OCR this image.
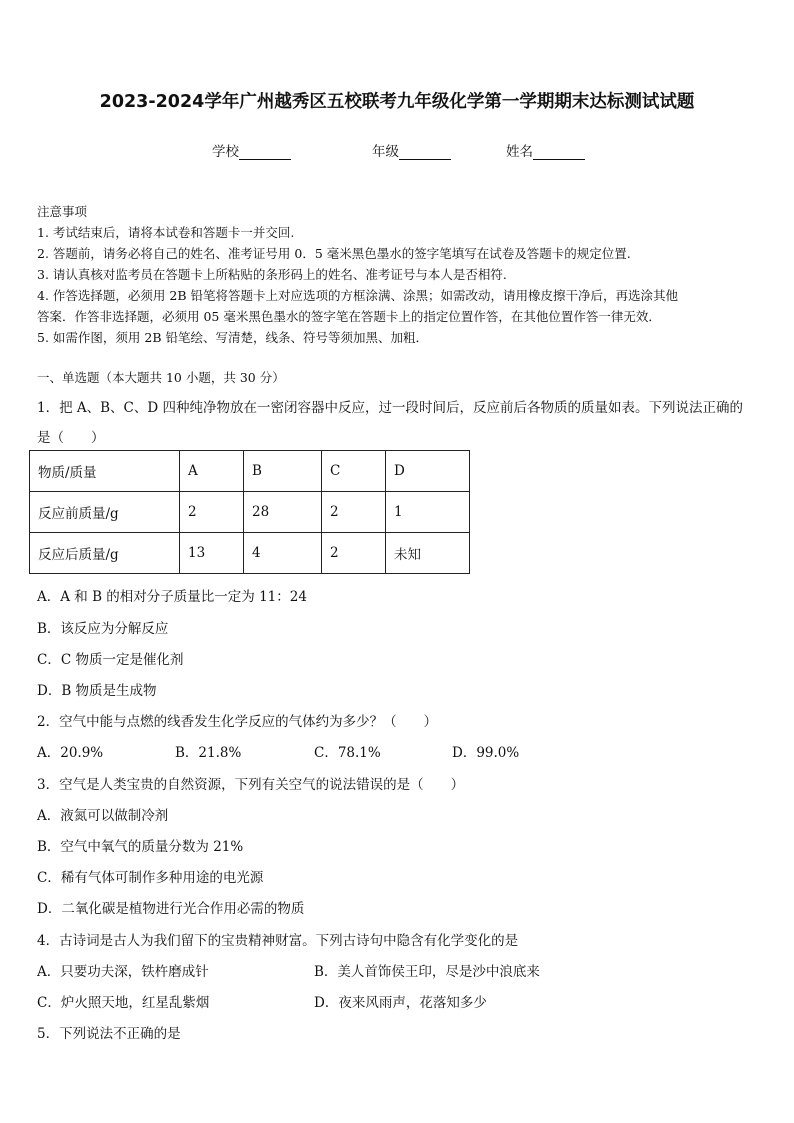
2023-2024学年广州越秀区五校联考九年级化学第一学期期末达标测试试题
学校	年级	姓名
注意事项
1. 考试结束后，请将本试卷和答题卡一并交回.
2. 答题前，请务必将自己的姓名、准考证号用 0．5 毫米黑色墨水的签字笔填写在试卷及答题卡的规定位置.
3. 请认真核对监考员在答题卡上所粘贴的条形码上的姓名、准考证号与本人是否相符.
4. 作答选择题，必须用 2B 铅笔将答题卡上对应选项的方框涂满、涂黑；如需改动，请用橡皮擦干净后，再选涂其他
答案．作答非选择题，必须用 05 毫米黑色墨水的签字笔在答题卡上的指定位置作答，在其他位置作答一律无效．
5. 如需作图，须用 2B 铅笔绘、写清楚，线条、符号等须加黑、加粗．
一、单选题（本大题共 10 小题，共 30 分）
1．把 A、B、C、D 四种纯净物放在一密闭容器中反应，过一段时间后，反应前后各物质的质量如表。下列说法正确的
是（　　）
物质/质量	A	B	C	D
反应前质量/g	2	28	2	1
反应后质量/g	13	4	2	未知
A．A 和 B 的相对分子质量比一定为 11：24
B．该反应为分解反应
C．C 物质一定是催化剂
D．B 物质是生成物
2．空气中能与点燃的线香发生化学反应的气体约为多少？（　　）
A．20.9%	B．21.8%	C．78.1%	D．99.0%
3．空气是人类宝贵的自然资源，下列有关空气的说法错误的是（　　）
A．液氮可以做制冷剂
B．空气中氧气的质量分数为 21%
C．稀有气体可制作多种用途的电光源
D．二氧化碳是植物进行光合作用必需的物质
4．古诗词是古人为我们留下的宝贵精神财富。下列古诗句中隐含有化学变化的是
A．只要功夫深，铁杵磨成针	B．美人首饰侯王印，尽是沙中浪底来
C．炉火照天地，红星乱紫烟	D．夜来风雨声，花落知多少
5．下列说法不正确的是
